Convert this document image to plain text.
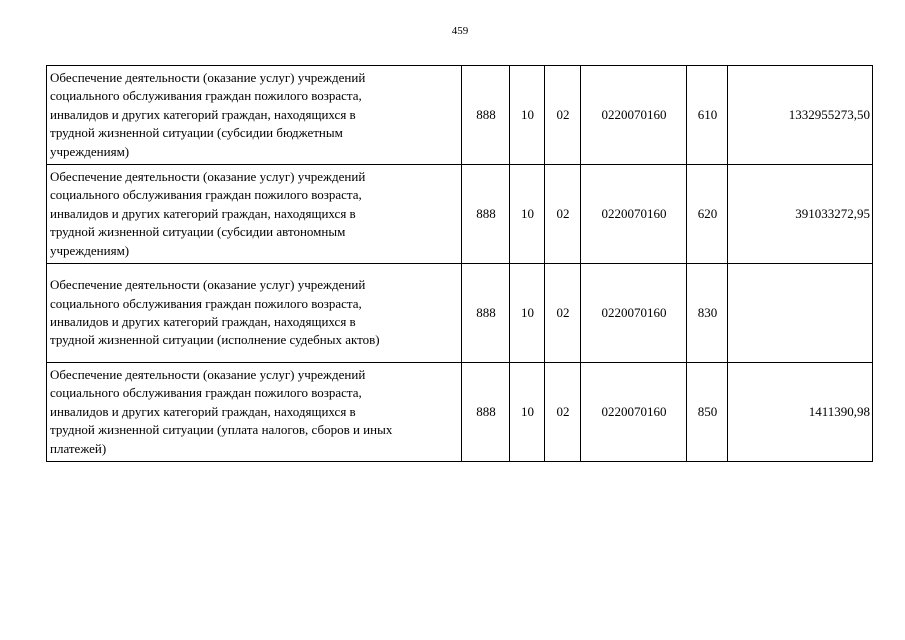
459
Обеспечение деятельности (оказание услуг) учреждений
социального обслуживания граждан пожилого возраста,
инвалидов и других категорий граждан, находящихся в
трудной жизненной ситуации (субсидии бюджетным
учреждениям)	888	10	02	0220070160	610	1332955273,50
Обеспечение деятельности (оказание услуг) учреждений
социального обслуживания граждан пожилого возраста,
инвалидов и других категорий граждан, находящихся в
трудной жизненной ситуации (субсидии автономным
учреждениям)	888	10	02	0220070160	620	391033272,95
Обеспечение деятельности (оказание услуг) учреждений
социального обслуживания граждан пожилого возраста,
инвалидов и других категорий граждан, находящихся в
трудной жизненной ситуации (исполнение судебных актов)	888	10	02	0220070160	830	
Обеспечение деятельности (оказание услуг) учреждений
социального обслуживания граждан пожилого возраста,
инвалидов и других категорий граждан, находящихся в
трудной жизненной ситуации (уплата налогов, сборов и иных
платежей)	888	10	02	0220070160	850	1411390,98
